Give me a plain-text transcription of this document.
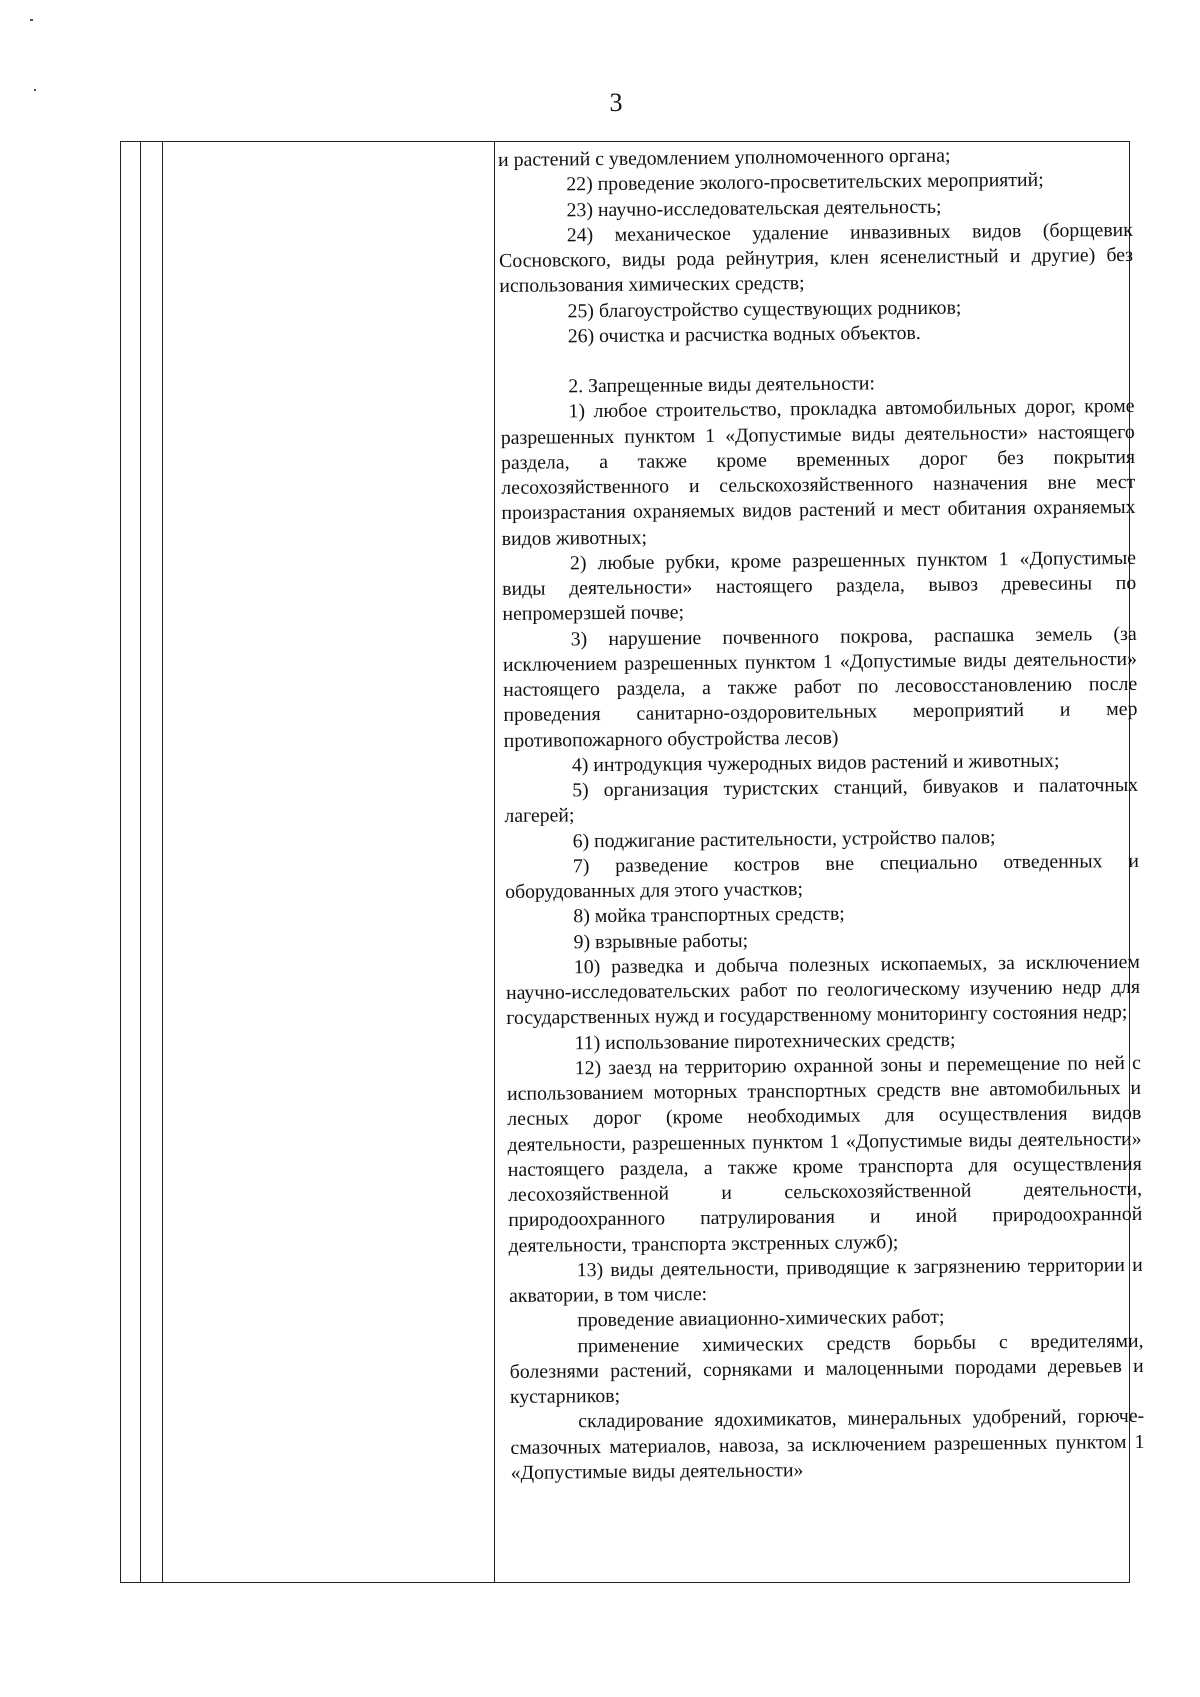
3

и растений с уведомлением уполномоченного органа;

22) проведение эколого-просветительских мероприятий;

23) научно-исследовательская деятельность;

24) механическое удаление инвазивных видов (борщевик Сосновского, виды рода рейнутрия, клен ясенелистный и другие) без использования химических средств;

25) благоустройство существующих родников;

26) очистка и расчистка водных объектов.

2. Запрещенные виды деятельности:

1) любое строительство, прокладка автомобильных дорог, кроме разрешенных пунктом 1 «Допустимые виды деятельности» настоящего раздела, а также кроме временных дорог без покрытия лесохозяйственного и сельскохозяйственного назначения вне мест произрастания охраняемых видов растений и мест обитания охраняемых видов животных;

2) любые рубки, кроме разрешенных пунктом 1 «Допустимые виды деятельности» настоящего раздела, вывоз древесины по непромерзшей почве;

3) нарушение почвенного покрова, распашка земель (за исключением разрешенных пунктом 1 «Допустимые виды деятельности» настоящего раздела, а также работ по лесовосстановлению после проведения санитарно-оздоровительных мероприятий и мер противопожарного обустройства лесов)

4) интродукция чужеродных видов растений и животных;

5) организация туристских станций, бивуаков и палаточных лагерей;

6) поджигание растительности, устройство палов;

7) разведение костров вне специально отведенных и оборудованных для этого участков;

8) мойка транспортных средств;

9) взрывные работы;

10) разведка и добыча полезных ископаемых, за исключением научно-исследовательских работ по геологическому изучению недр для государственных нужд и государственному мониторингу состояния недр;

11) использование пиротехнических средств;

12) заезд на территорию охранной зоны и перемещение по ней с использованием моторных транспортных средств вне автомобильных и лесных дорог (кроме необходимых для осуществления видов деятельности, разрешенных пунктом 1 «Допустимые виды деятельности» настоящего раздела, а также кроме транспорта для осуществления лесохозяйственной и сельскохозяйственной деятельности, природоохранного патрулирования и иной природоохранной деятельности, транспорта экстренных служб);

13) виды деятельности, приводящие к загрязнению территории и акватории, в том числе:

проведение авиационно-химических работ;

применение химических средств борьбы с вредителями, болезнями растений, сорняками и малоценными породами деревьев и кустарников;

складирование ядохимикатов, минеральных удобрений, горюче-смазочных материалов, навоза, за исключением разрешенных пунктом 1 «Допустимые виды деятельности»
